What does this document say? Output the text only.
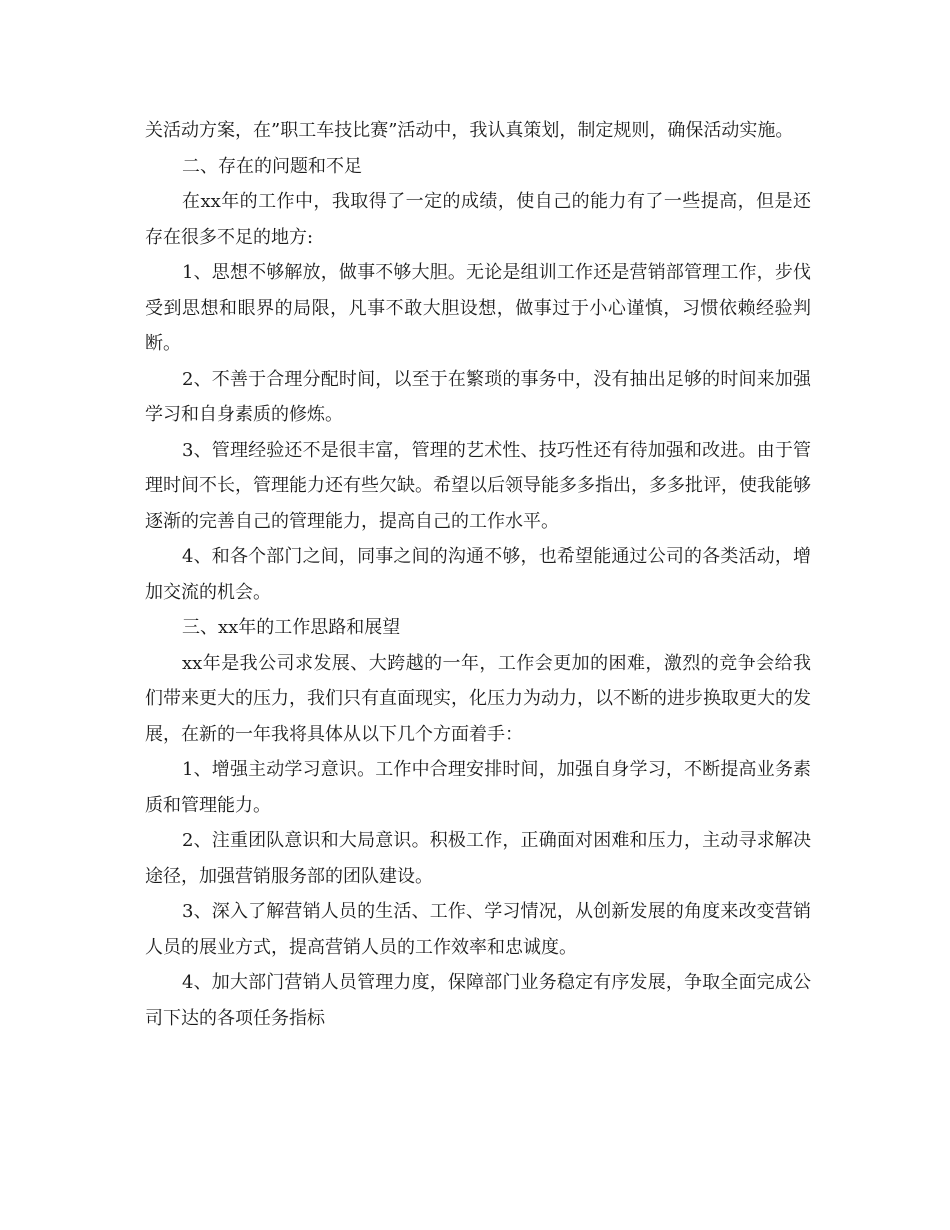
关活动方案，在”职工车技比赛”活动中，我认真策划，制定规则，确保活动实施。

二、存在的问题和不足

在xx年的工作中，我取得了一定的成绩，使自己的能力有了一些提高，但是还存在很多不足的地方:

1、思想不够解放，做事不够大胆。无论是组训工作还是营销部管理工作，步伐受到思想和眼界的局限，凡事不敢大胆设想，做事过于小心谨慎，习惯依赖经验判断。

2、不善于合理分配时间，以至于在繁琐的事务中，没有抽出足够的时间来加强学习和自身素质的修炼。

3、管理经验还不是很丰富，管理的艺术性、技巧性还有待加强和改进。由于管理时间不长，管理能力还有些欠缺。希望以后领导能多多指出，多多批评，使我能够逐渐的完善自己的管理能力，提高自己的工作水平。

4、和各个部门之间，同事之间的沟通不够，也希望能通过公司的各类活动，增加交流的机会。

三、xx年的工作思路和展望

xx年是我公司求发展、大跨越的一年，工作会更加的困难，激烈的竞争会给我们带来更大的压力，我们只有直面现实，化压力为动力，以不断的进步换取更大的发展，在新的一年我将具体从以下几个方面着手：

1、增强主动学习意识。工作中合理安排时间，加强自身学习，不断提高业务素质和管理能力。

2、注重团队意识和大局意识。积极工作，正确面对困难和压力，主动寻求解决途径，加强营销服务部的团队建设。

3、深入了解营销人员的生活、工作、学习情况，从创新发展的角度来改变营销人员的展业方式，提高营销人员的工作效率和忠诚度。

4、加大部门营销人员管理力度，保障部门业务稳定有序发展，争取全面完成公司下达的各项任务指标
